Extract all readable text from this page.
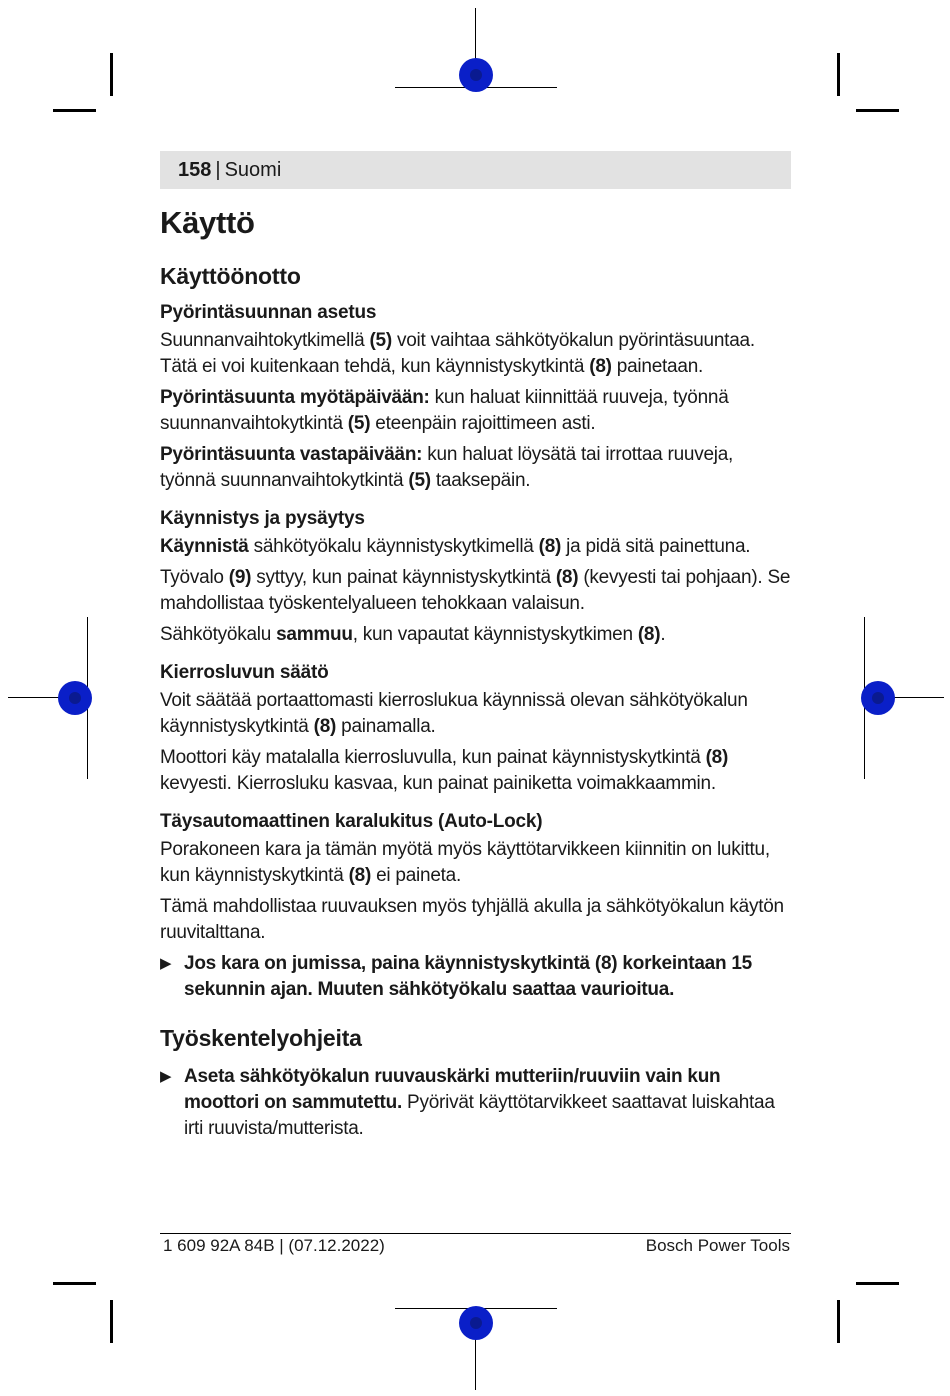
158 | Suomi
Käyttö
Käyttöönotto
Pyörintäsuunnan asetus

Suunnanvaihtokytkimellä (5) voit vaihtaa sähkötyökalun pyörintäsuuntaa. Tätä ei voi kuitenkaan tehdä, kun käynnistyskytkintä (8) painetaan.

Pyörintäsuunta myötäpäivään: kun haluat kiinnittää ruuveja, työnnä suunnanvaihtokytkintä (5) eteenpäin rajoittimeen asti.

Pyörintäsuunta vastapäivään: kun haluat löysätä tai irrottaa ruuveja, työnnä suunnanvaihtokytkintä (5) taaksepäin.

Käynnistys ja pysäytys

Käynnistä sähkötyökalu käynnistyskytkimellä (8) ja pidä sitä painettuna.

Työvalo (9) syttyy, kun painat käynnistyskytkintä (8) (kevyesti tai pohjaan). Se mahdollistaa työskentelyalueen tehokkaan valaisun.

Sähkötyökalu sammuu, kun vapautat käynnistyskytkimen (8).

Kierrosluvun säätö

Voit säätää portaattomasti kierroslukua käynnissä olevan sähkötyökalun käynnistyskytkintä (8) painamalla.

Moottori käy matalalla kierrosluvulla, kun painat käynnistyskytkintä (8) kevyesti. Kierrosluku kasvaa, kun painat painiketta voimakkaammin.

Täysautomaattinen karalukitus (Auto-Lock)

Porakoneen kara ja tämän myötä myös käyttötarvikkeen kiinnitin on lukittu, kun käynnistyskytkintä (8) ei paineta.

Tämä mahdollistaa ruuvauksen myös tyhjällä akulla ja sähkötyökalun käytön ruuvitalttana.

▶ Jos kara on jumissa, paina käynnistyskytkintä (8) korkeintaan 15 sekunnin ajan. Muuten sähkötyökalu saattaa vaurioitua.
Työskentelyohjeita
▶ Aseta sähkötyökalun ruuvauskärki mutteriin/ruuviin vain kun moottori on sammutettu. Pyörivät käyttötarvikkeet saattavat luiskahtaa irti ruuvista/mutterista.
1 609 92A 84B | (07.12.2022)	Bosch Power Tools
